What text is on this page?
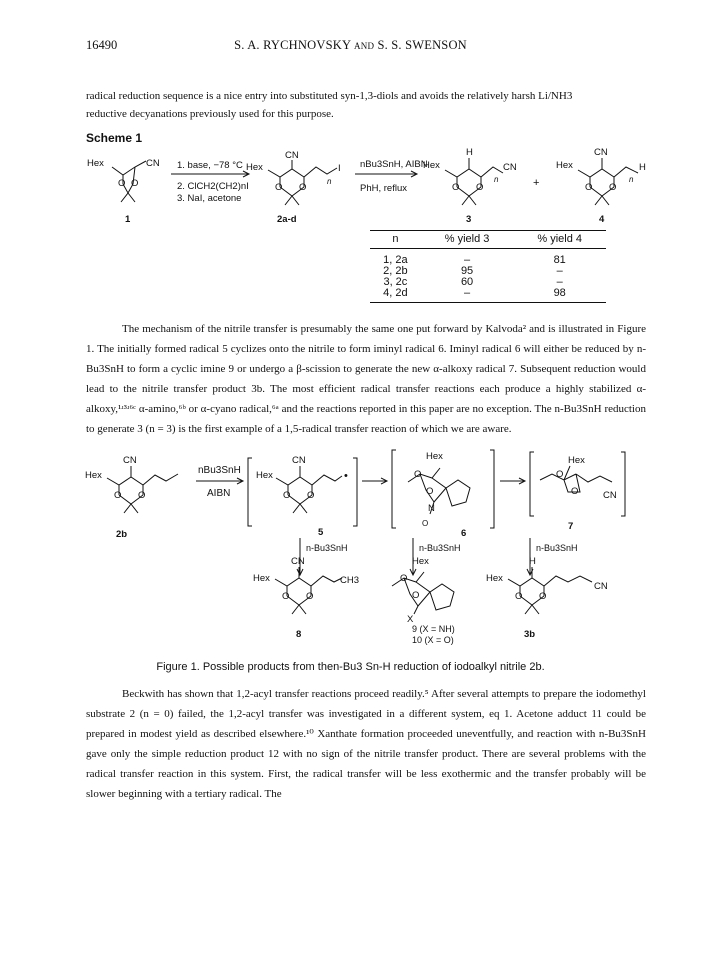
16490	S. A. RYCHNOVSKY and S. S. SWENSON

radical reduction sequence is a nice entry into substituted syn-1,3-diols and avoids the relatively harsh Li/NH3

reductive decyanations previously used for this purpose.

Scheme 1
Hex	CN
O O
1
1. base, −78 °C
2. ClCH2(CH2)nI
3. NaI, acetone
Hex
CN
I
n
O O
2a-d
nBu3SnH, AIBN
PhH, reflux
Hex
H
CN
n
O O
3
+
Hex
CN
H
n
O O
4
n	% yield 3	% yield 4
1, 2a	–	81
2, 2b	95	–
3, 2c	60	–
4, 2d	–	98

The mechanism of the nitrile transfer is presumably the same one put forward by Kalvoda² and is illustrated in Figure 1. The initially formed radical 5 cyclizes onto the nitrile to form iminyl radical 6. Iminyl radical 6 will either be reduced by n-Bu3SnH to form a cyclic imine 9 or undergo a β-scission to generate the new α-alkoxy radical 7. Subsequent reduction would lead to the nitrile transfer product 3b. The most efficient radical transfer reactions each produce a highly stabilized α-alkoxy,¹ʴ³ʴ⁶ᶜ α-amino,⁶ᵇ or α-cyano radical,⁶ᵃ and the reactions reported in this paper are no exception. The n-Bu3SnH reduction to generate 3 (n = 3) is the first example of a 1,5-radical transfer reaction of which we are aware.

Hex
CN
O O
2b
nBu3SnH
AIBN
Hex
CN
•
O O
5
Hex
O
O
N
O
6
Hex
O
O	CN
7
n-Bu3SnH	n-Bu3SnH	n-Bu3SnH
Hex
CN
CH3
O O
8
Hex
O
O
X
9 (X = NH)
10 (X = O)
Hex
H
CN
O O
3b
Figure 1. Possible products from then-Bu3 Sn-H reduction of iodoalkyl nitrile 2b.

Beckwith has shown that 1,2-acyl transfer reactions proceed readily.⁵ After several attempts to prepare the iodomethyl substrate 2 (n = 0) failed, the 1,2-acyl transfer was investigated in a different system, eq 1. Acetone adduct 11 could be prepared in modest yield as described elsewhere.¹⁰ Xanthate formation proceeded uneventfully, and reaction with n-Bu3SnH gave only the simple reduction product 12 with no sign of the nitrile transfer product. There are several problems with the radical transfer reaction in this system. First, the radical transfer will be less exothermic and the transfer probably will be slower beginning with a tertiary radical. The
